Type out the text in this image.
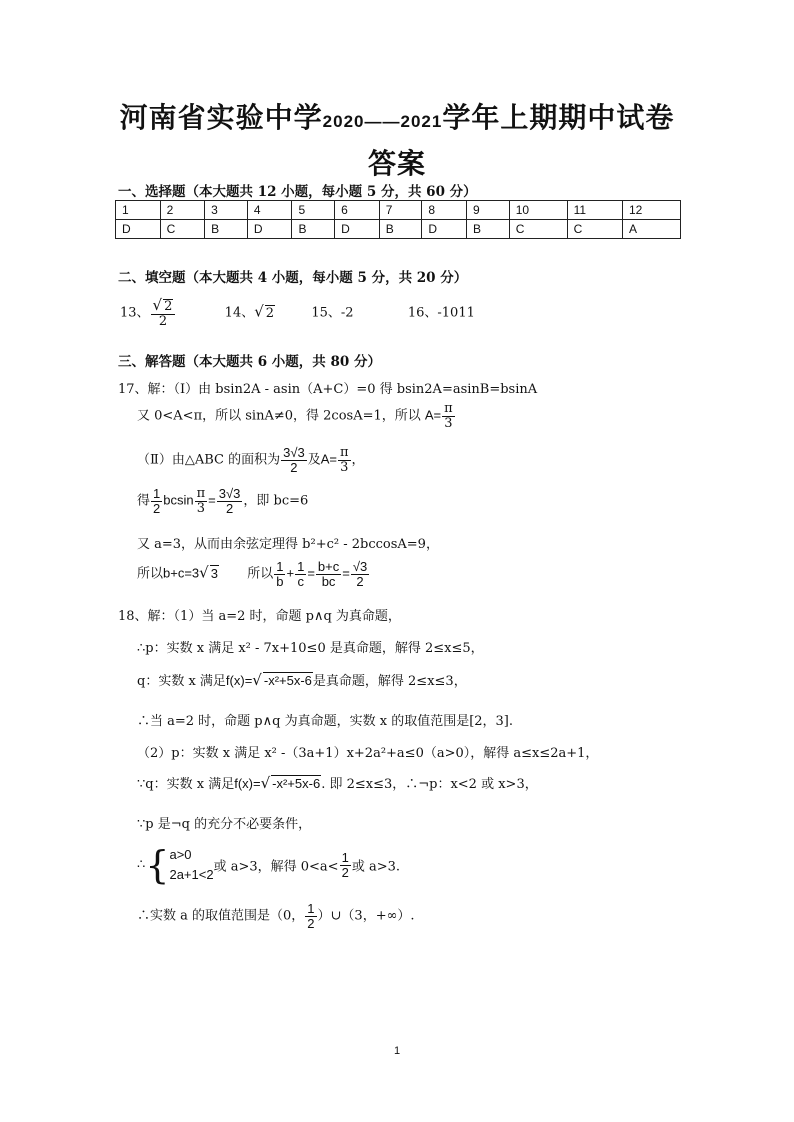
河南省实验中学2020——2021学年上期期中试卷
答案
一、选择题（本大题共 12 小题，每小题 5 分，共 60 分）
1	2	3	4	5	6	7	8	9	10	11	12
D	C	B	D	B	D	B	D	B	C	C	A
二、填空题（本大题共 4 小题，每小题 5 分，共 20 分）
13、 $\frac{√ 2}{2}$	14、√ 2	15、-2	16、-1011
三、解答题（本大题共 6 小题，共 80 分）
17、解：（Ⅰ）由 bsin2A - asin（A+C）=0 得 bsin2A=asinB=bsinA
又 0<A<π，所以 sinA≠0，得 2cosA=1，所以 $A= \frac{\pi}{3}$
（Ⅱ）由△ABC 的面积为 $\frac{3√3}{2}$ 及$A= \frac{\pi}{3}$ ，
得 $\frac{1}{2}$ bcsin $\frac{\pi}{3} = \frac{3√3}{2}$ ，即 bc=6
又 a=3，从而由余弦定理得 b²+c² - 2bccosA=9，
所以b+c=3√ 3 所以 $\frac{1}{b} + \frac{1}{c} = \frac{b+c}{bc} = \frac{√3}{2}$
18、解：（1）当 a=2 时，命题 p∧q 为真命题，
∴p：实数 x 满足 x² - 7x+10≤0 是真命题，解得 2≤x≤5，
q：实数 x 满足f(x)=√ -x²+5x-6是真命题，解得 2≤x≤3，
∴当 a=2 时，命题 p∧q 为真命题，实数 x 的取值范围是[2，3].
（2）p：实数 x 满足 x² -（3a+1）x+2a²+a≤0（a>0），解得 a≤x≤2a+1，
∵q：实数 x 满足f(x)=√ -x²+5x-6. 即 2≤x≤3，∴¬p：x<2 或 x>3，
∵p 是¬q 的充分不必要条件，
∴{ a>0
2a+1<2 或 a>3，解得 $0<a< \frac{1}{2}$ 或 a>3.
∴实数 a 的取值范围是（0， $\frac{1}{2}$ ）∪（3，+∞）.
1
